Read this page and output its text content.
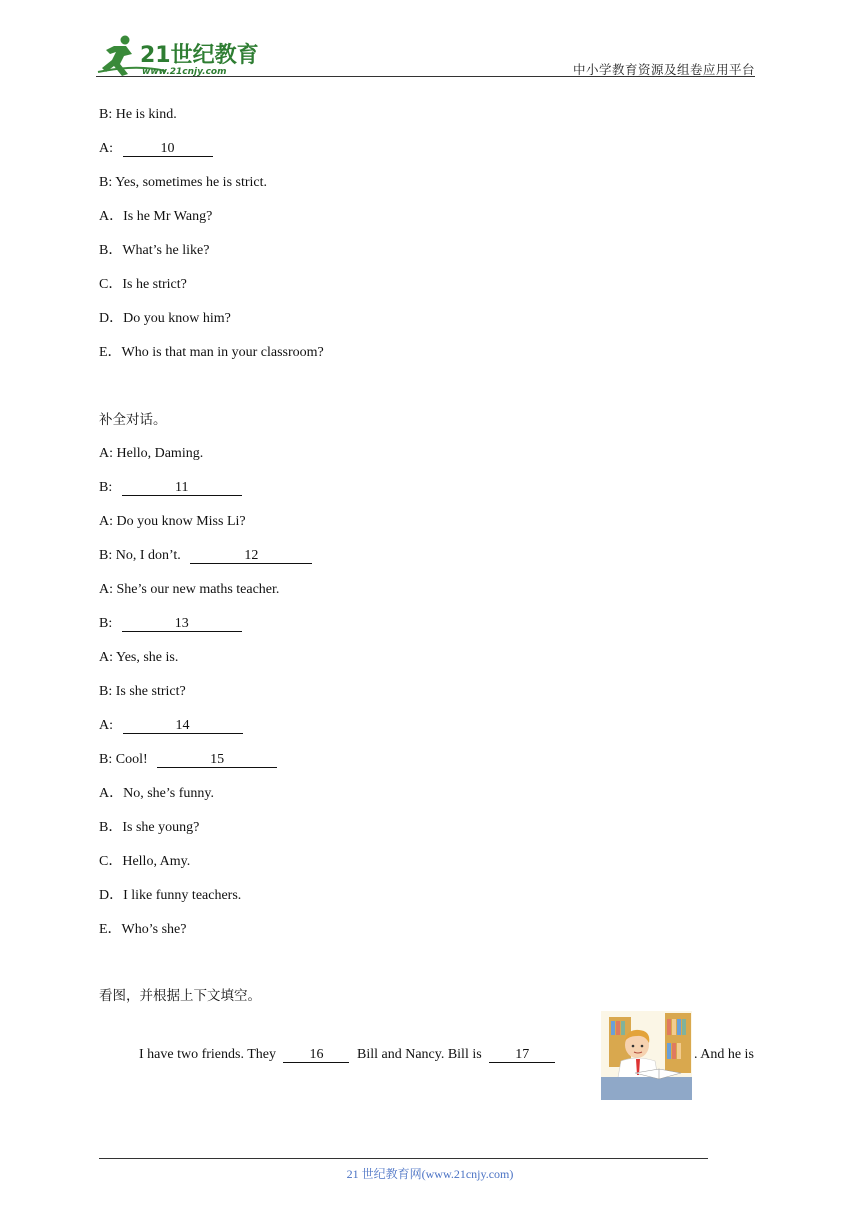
21世纪教育
www.21cnjy.com	中小学教育资源及组卷应用平台
B: He is kind.
A:	10
B: Yes, sometimes he is strict.
A．Is he Mr Wang?
B．What’s he like?
C．Is he strict?
D．Do you know him?
E．Who is that man in your classroom?
补全对话。
A: Hello, Daming.
B:	11
A: Do you know Miss Li?
B: No, I don’t.	12
A: She’s our new maths teacher.
B:	13
A: Yes, she is.
B: Is she strict?
A:	14
B: Cool!	15
A．No, she’s funny.
B．Is she young?
C．Hello, Amy.
D．I like funny teachers.
E．Who’s she?
看图，并根据上下文填空。
I have two friends. They 16 Bill and Nancy. Bill is 17	. And he is
21 世纪教育网(www.21cnjy.com)
